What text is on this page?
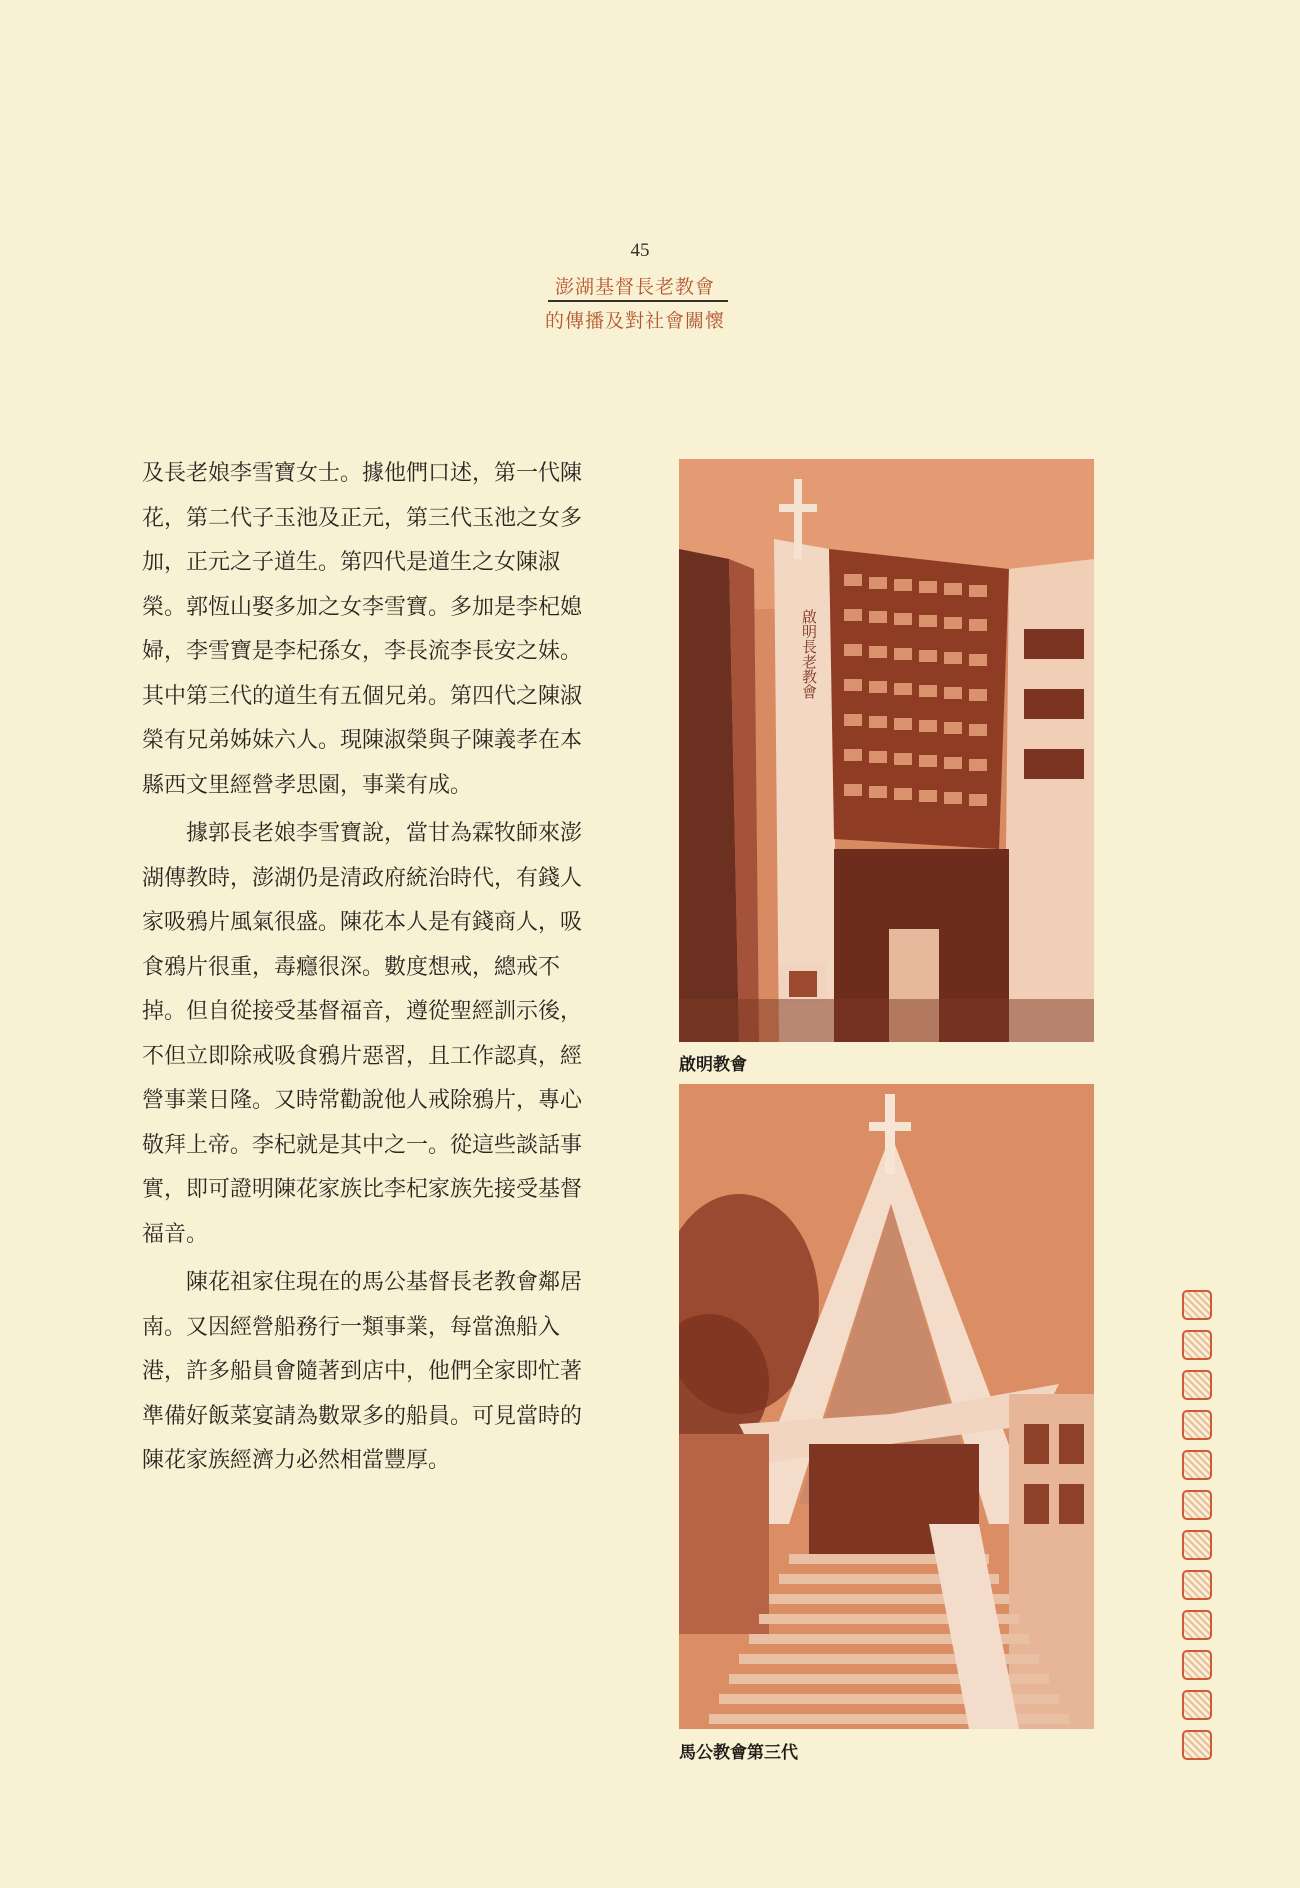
45
澎湖基督長老教會
的傳播及對社會關懷

及長老娘李雪寶女士。據他們口述，第一代陳花，第二代子玉池及正元，第三代玉池之女多加，正元之子道生。第四代是道生之女陳淑榮。郭恆山娶多加之女李雪寶。多加是李杞媳婦，李雪寶是李杞孫女，李長流李長安之妹。其中第三代的道生有五個兄弟。第四代之陳淑榮有兄弟姊妹六人。現陳淑榮與子陳義孝在本縣西文里經營孝思園，事業有成。

據郭長老娘李雪寶說，當甘為霖牧師來澎湖傳教時，澎湖仍是清政府統治時代，有錢人家吸鴉片風氣很盛。陳花本人是有錢商人，吸食鴉片很重，毒癮很深。數度想戒，總戒不掉。但自從接受基督福音，遵從聖經訓示後，不但立即除戒吸食鴉片惡習，且工作認真，經營事業日隆。又時常勸說他人戒除鴉片，專心敬拜上帝。李杞就是其中之一。從這些談話事實，即可證明陳花家族比李杞家族先接受基督福音。

陳花祖家住現在的馬公基督長老教會鄰居南。又因經營船務行一類事業，每當漁船入港，許多船員會隨著到店中，他們全家即忙著準備好飯菜宴請為數眾多的船員。可見當時的陳花家族經濟力必然相當豐厚。

啟明長老教會
啟明教會
馬公教會第三代
